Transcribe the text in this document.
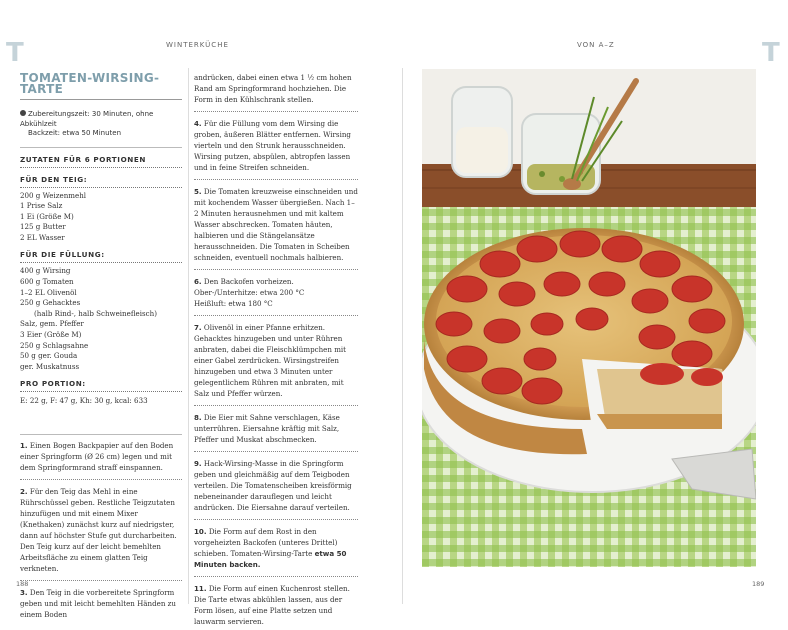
T	T
WINTERKÜCHE	VON A–Z
TOMATEN-WIRSING-TARTE
Zubereitungszeit: 30 Minuten, ohne Abkühlzeit
Backzeit: etwa 50 Minuten
ZUTATEN FÜR 6 PORTIONEN
FÜR DEN TEIG:
200 g Weizenmehl
1 Prise Salz
1 Ei (Größe M)
125 g Butter
2 EL Wasser
FÜR DIE FÜLLUNG:
400 g Wirsing
600 g Tomaten
1–2 EL Olivenöl
250 g Gehacktes
(halb Rind-, halb Schweinefleisch)
Salz, gem. Pfeffer
3 Eier (Größe M)
250 g Schlagsahne
50 g ger. Gouda
ger. Muskatnuss
PRO PORTION:

E: 22 g, F: 47 g, Kh: 30 g, kcal: 633

1. Einen Bogen Backpapier auf den Boden einer Springform (Ø 26 cm) legen und mit dem Springformrand straff einspannen.

2. Für den Teig das Mehl in eine Rührschüssel geben. Restliche Teigzutaten hinzufügen und mit einem Mixer (Knethaken) zunächst kurz auf niedrigster, dann auf höchster Stufe gut durcharbeiten. Den Teig kurz auf der leicht bemehlten Arbeitsfläche zu einem glatten Teig verkneten.

3. Den Teig in die vorbereitete Springform geben und mit leicht bemehlten Händen zu einem Boden

andrücken, dabei einen etwa 1 ½ cm hohen Rand am Springformrand hochziehen. Die Form in den Kühlschrank stellen.

4. Für die Füllung vom dem Wirsing die groben, äußeren Blätter entfernen. Wirsing vierteln und den Strunk herausschneiden. Wirsing putzen, abspülen, abtropfen lassen und in feine Streifen schneiden.

5. Die Tomaten kreuzweise einschneiden und mit kochendem Wasser übergießen. Nach 1–2 Minuten herausnehmen und mit kaltem Wasser abschrecken. Tomaten häuten, halbieren und die Stängelansätze herausschneiden. Die Tomaten in Scheiben schneiden, eventuell nochmals halbieren.

6. Den Backofen vorheizen.
Ober-/Unterhitze: etwa 200 °C
Heißluft: etwa 180 °C

7. Olivenöl in einer Pfanne erhitzen. Gehacktes hinzugeben und unter Rühren anbraten, dabei die Fleischklümpchen mit einer Gabel zerdrücken. Wirsingstreifen hinzugeben und etwa 3 Minuten unter gelegentlichem Rühren mit anbraten, mit Salz und Pfeffer würzen.

8. Die Eier mit Sahne verschlagen, Käse unterrühren. Eiersahne kräftig mit Salz, Pfeffer und Muskat abschmecken.

9. Hack-Wirsing-Masse in die Springform geben und gleichmäßig auf dem Teigboden verteilen. Die Tomatenscheiben kreisförmig nebeneinander darauflegen und leicht andrücken. Die Eiersahne darauf verteilen.

10. Die Form auf dem Rost in den vorgeheizten Backofen (unteres Drittel) schieben. Tomaten-Wirsing-Tarte etwa 50 Minuten backen.

11. Die Form auf einen Kuchenrost stellen. Die Tarte etwas abkühlen lassen, aus der Form lösen, auf eine Platte setzen und lauwarm servieren.

188	189
